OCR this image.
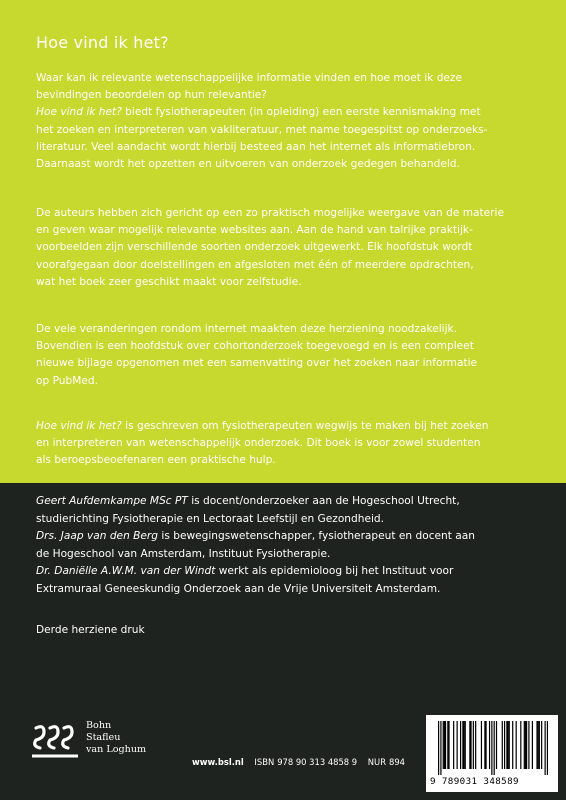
Hoe vind ik het?

Waar kan ik relevante wetenschappelijke informatie vinden en hoe moet ik deze
bevindingen beoordelen op hun relevantie?
Hoe vind ik het? biedt fysiotherapeuten (in opleiding) een eerste kennismaking met
het zoeken en interpreteren van vakliteratuur, met name toegespitst op onderzoeks-
literatuur. Veel aandacht wordt hierbij besteed aan het internet als informatiebron.
Daarnaast wordt het opzetten en uitvoeren van onderzoek gedegen behandeld.

De auteurs hebben zich gericht op een zo praktisch mogelijke weergave van de materie
en geven waar mogelijk relevante websites aan. Aan de hand van talrijke praktijk-
voorbeelden zijn verschillende soorten onderzoek uitgewerkt. Elk hoofdstuk wordt
voorafgegaan door doelstellingen en afgesloten met één of meerdere opdrachten,
wat het boek zeer geschikt maakt voor zelfstudie.

De vele veranderingen rondom internet maakten deze herziening noodzakelijk.
Bovendien is een hoofdstuk over cohortonderzoek toegevoegd en is een compleet
nieuwe bijlage opgenomen met een samenvatting over het zoeken naar informatie
op PubMed.

Hoe vind ik het? is geschreven om fysiotherapeuten wegwijs te maken bij het zoeken
en interpreteren van wetenschappelijk onderzoek. Dit boek is voor zowel studenten
als beroepsbeoefenaren een praktische hulp.

Geert Aufdemkampe MSc PT is docent/onderzoeker aan de Hogeschool Utrecht,
studierichting Fysiotherapie en Lectoraat Leefstijl en Gezondheid.
Drs. Jaap van den Berg is bewegingswetenschapper, fysiotherapeut en docent aan
de Hogeschool van Amsterdam, Instituut Fysiotherapie.
Dr. Daniëlle A.W.M. van der Windt werkt als epidemioloog bij het Instituut voor
Extramuraal Geneeskundig Onderzoek aan de Vrije Universiteit Amsterdam.

Derde herziene druk
Bohn
Stafleu
van Loghum
www.bsl.nl ISBN 978 90 313 4858 9 NUR 894
9 789031 348589
